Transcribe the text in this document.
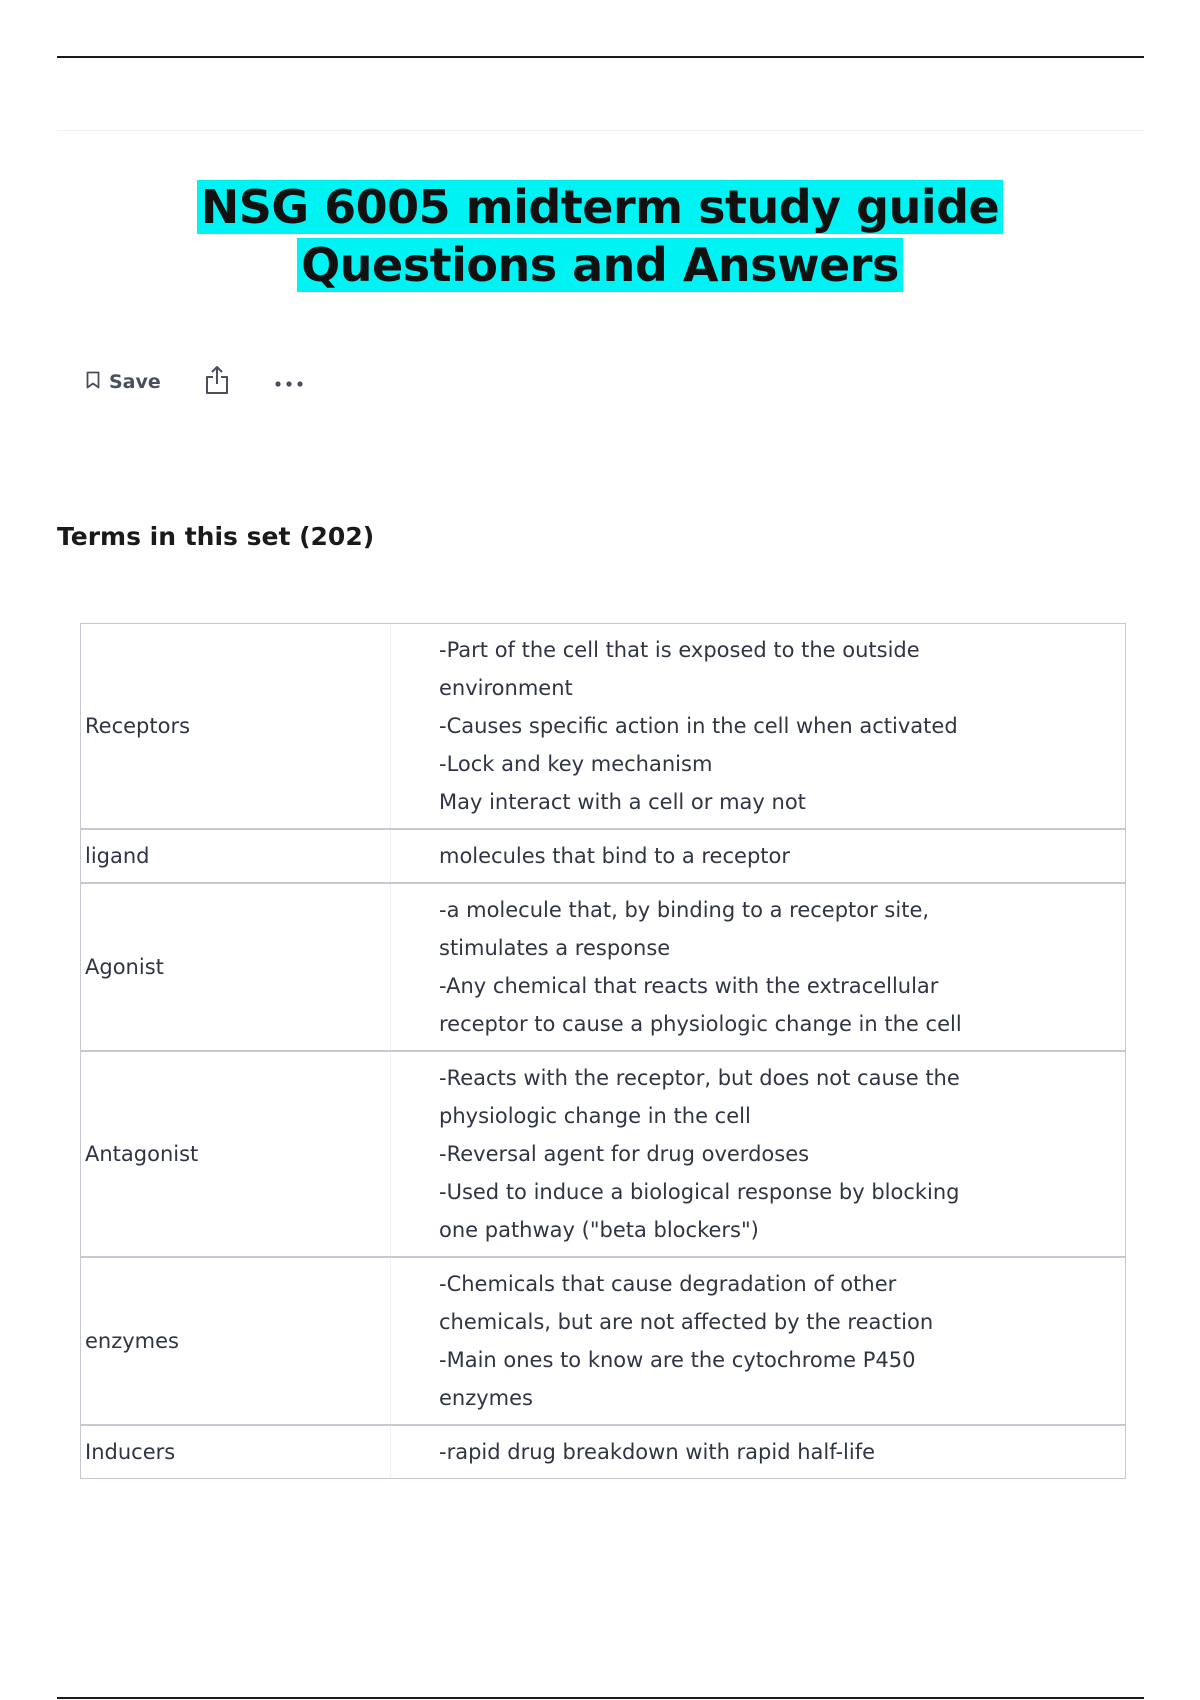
NSG 6005 midterm study guide Questions and Answers
Save
Terms in this set (202)
Receptors
-Part of the cell that is exposed to the outside
environment
-Causes specific action in the cell when activated
-Lock and key mechanism
May interact with a cell or may not
ligand	molecules that bind to a receptor
Agonist
-a molecule that, by binding to a receptor site,
stimulates a response
-Any chemical that reacts with the extracellular
receptor to cause a physiologic change in the cell
Antagonist
-Reacts with the receptor, but does not cause the
physiologic change in the cell
-Reversal agent for drug overdoses
-Used to induce a biological response by blocking
one pathway ("beta blockers")
enzymes
-Chemicals that cause degradation of other
chemicals, but are not affected by the reaction
-Main ones to know are the cytochrome P450
enzymes
Inducers	-rapid drug breakdown with rapid half-life
